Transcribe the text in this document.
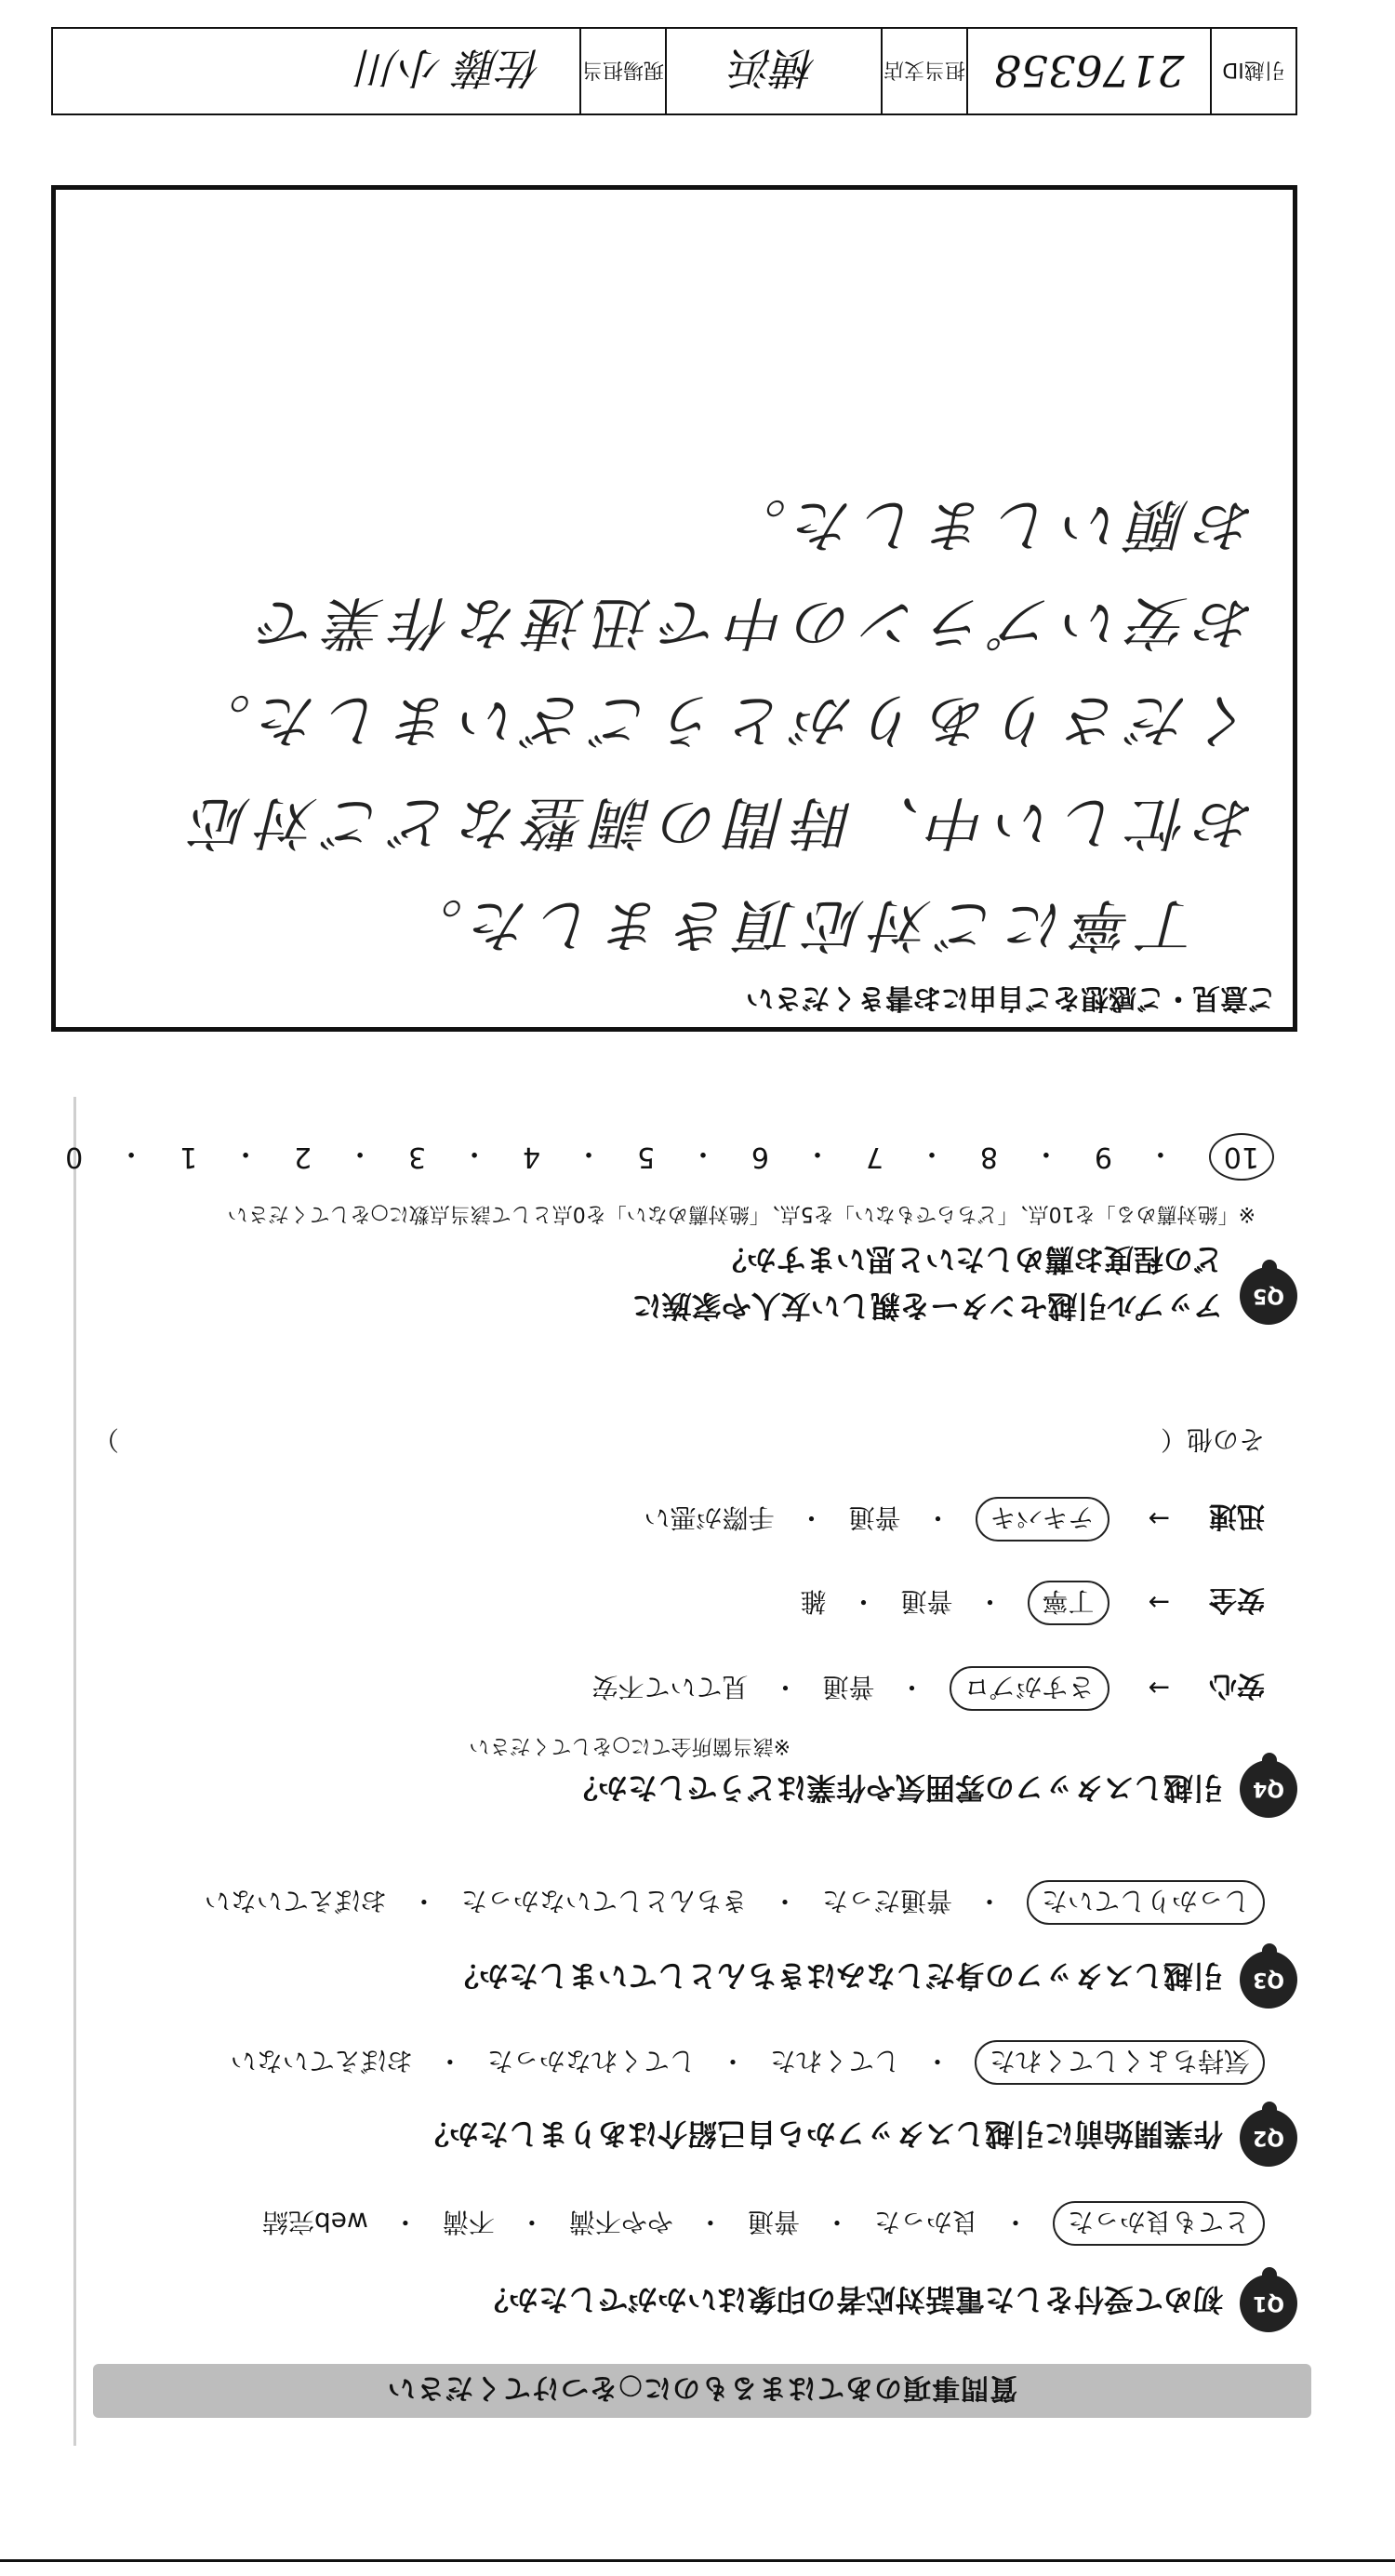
質問事項のあてはまるものに○をつけてください
Q1
初めて受付をした電話対応者の印象はいかがでしたか？
とても良かった
・
良かった
・
普通
・
やや不満
・
不満
・
web完結
Q2
作業開始前に引越しスタッフから自己紹介はありましたか？
気持ちよくしてくれた
・
してくれた
・
してくれなかった
・
おぼえていない
Q3
引越しスタッフの身だしなみはきちんとしていましたか？
しっかりしていた
・
普通だった
・
きちんとしていなかった
・
おぼえていない
Q4
引越しスタッフの雰囲気や作業はどうでしたか？
※該当箇所全てに○をしてください
安心
→
さすがプロ
・
普通
・
見ていて不安
安全
→
丁寧
・
普通
・
雑
迅速
→
テキパキ
・
普通
・
手際が悪い
その他（
）
Q5
アップル引越センターを親しい友人や家族に
どの程度お薦めしたいと思いますか？
※「絶対薦める」を10点、「どちらでもない」を5点、「絶対薦めない」を0点として該当点数に○をしてください
10
・
9
・
8
・
7
・
6
・
5
・
4
・
3
・
2
・
1
・
0
ご意見・ご感想をご自由にお書きください
丁寧にご対応頂きました。
お忙しい中、時間の調整などご対応
くださりありがとうございました。
お安いプランの中で迅速な作業で
お願いしました。
引越ID
2176358
担当支店
横浜
現場担当
佐藤 小川
